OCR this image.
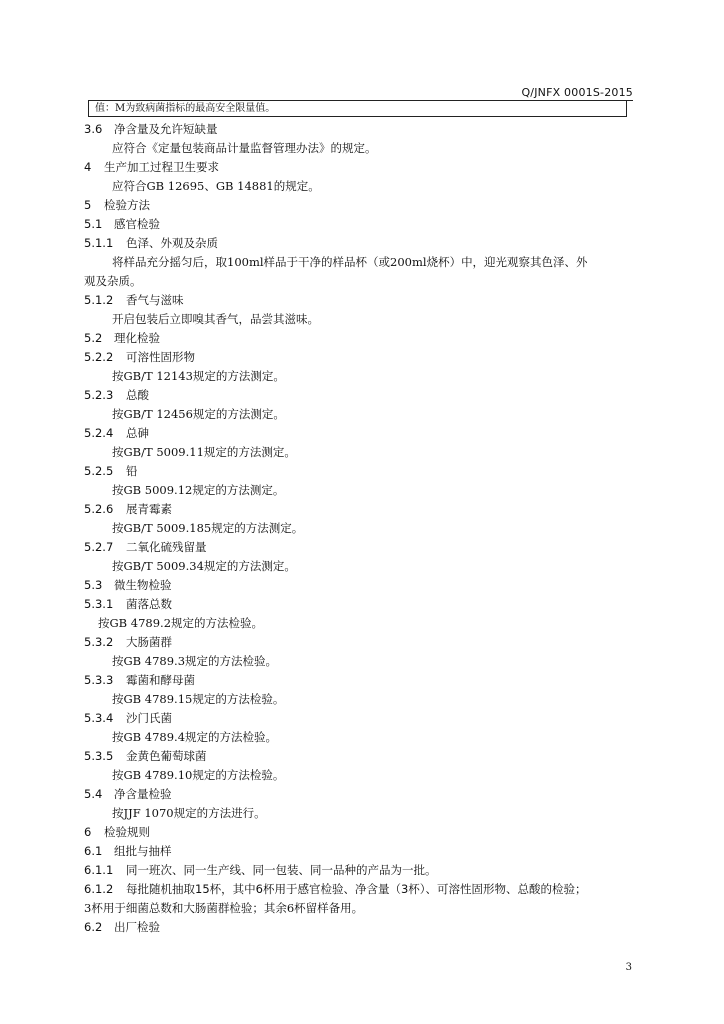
Q/JNFX 0001S-2015
值：M为致病菌指标的最高安全限量值。
3.6 净含量及允许短缺量
应符合《定量包装商品计量监督管理办法》的规定。
4 生产加工过程卫生要求
应符合GB 12695、GB 14881的规定。
5 检验方法
5.1 感官检验
5.1.1 色泽、外观及杂质
将样品充分摇匀后，取100ml样品于干净的样品杯（或200ml烧杯）中，迎光观察其色泽、外
观及杂质。
5.1.2 香气与滋味
开启包装后立即嗅其香气，品尝其滋味。
5.2 理化检验
5.2.2 可溶性固形物
按GB/T 12143规定的方法测定。
5.2.3 总酸
按GB/T 12456规定的方法测定。
5.2.4 总砷
按GB/T 5009.11规定的方法测定。
5.2.5 铅
按GB 5009.12规定的方法测定。
5.2.6 展青霉素
按GB/T 5009.185规定的方法测定。
5.2.7 二氧化硫残留量
按GB/T 5009.34规定的方法测定。
5.3 微生物检验
5.3.1 菌落总数
按GB 4789.2规定的方法检验。
5.3.2 大肠菌群
按GB 4789.3规定的方法检验。
5.3.3 霉菌和酵母菌
按GB 4789.15规定的方法检验。
5.3.4 沙门氏菌
按GB 4789.4规定的方法检验。
5.3.5 金黄色葡萄球菌
按GB 4789.10规定的方法检验。
5.4 净含量检验
按JJF 1070规定的方法进行。
6 检验规则
6.1 组批与抽样
6.1.1 同一班次、同一生产线、同一包装、同一品种的产品为一批。
6.1.2 每批随机抽取15杯，其中6杯用于感官检验、净含量（3杯）、可溶性固形物、总酸的检验；
3杯用于细菌总数和大肠菌群检验；其余6杯留样备用。
6.2 出厂检验
3
